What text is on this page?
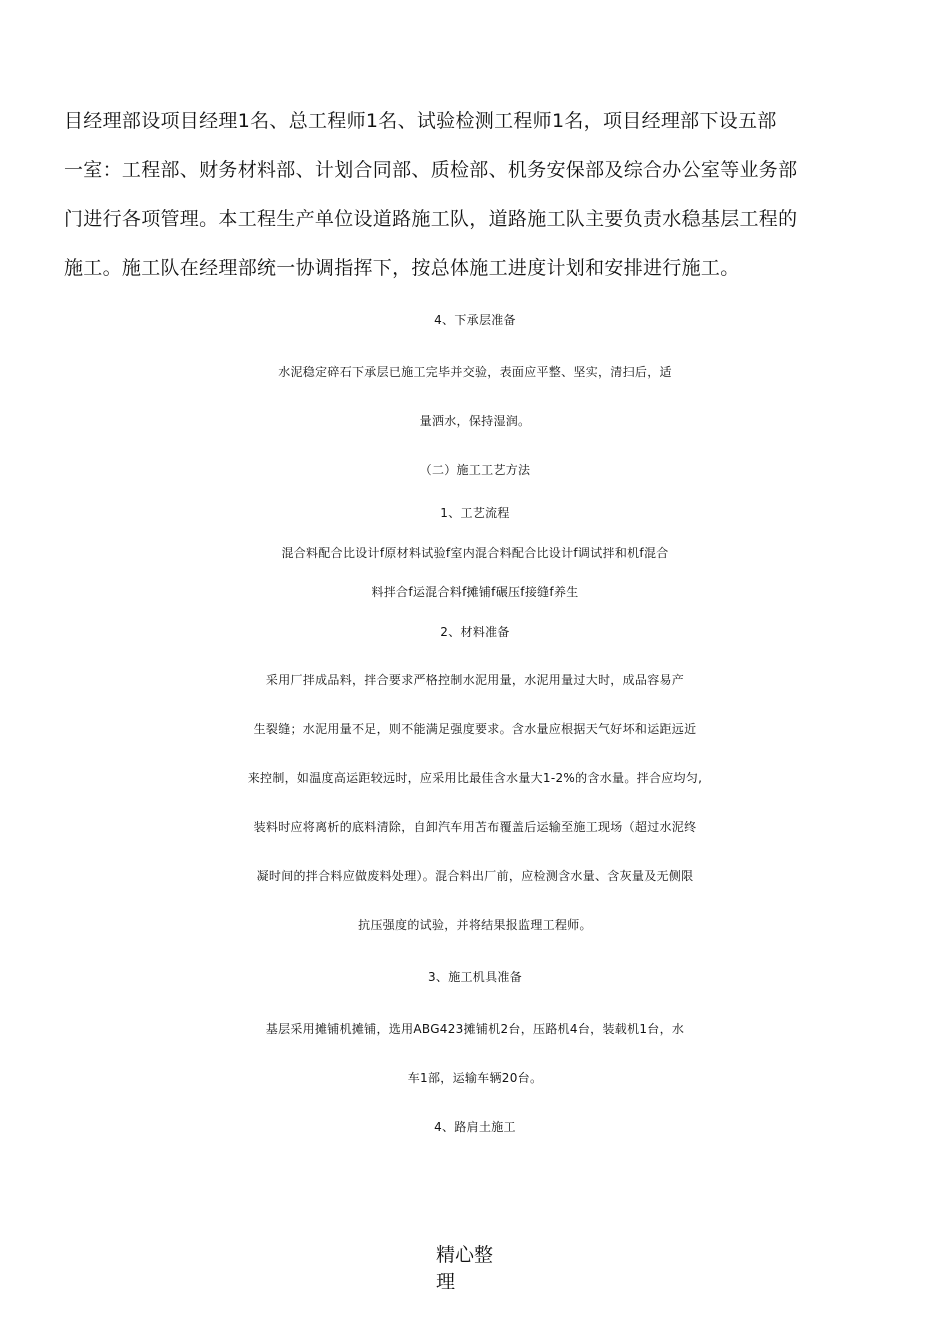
目经理部设项目经理1名、总工程师1名、试验检测工程师1名，项目经理部下设五部
一室：工程部、财务材料部、计划合同部、质检部、机务安保部及综合办公室等业务部
门进行各项管理。本工程生产单位设道路施工队，道路施工队主要负责水稳基层工程的
施工。施工队在经理部统一协调指挥下，按总体施工进度计划和安排进行施工。
4、下承层准备
水泥稳定碎石下承层已施工完毕并交验，表面应平整、坚实，清扫后，适
量洒水，保持湿润。
（二）施工工艺方法
1、工艺流程
混合料配合比设计f原材料试验f室内混合料配合比设计f调试拌和机f混合
料拌合f运混合料f摊铺f碾压f接缝f养生
2、材料准备
采用厂拌成品料，拌合要求严格控制水泥用量，水泥用量过大时，成品容易产
生裂缝；水泥用量不足，则不能满足强度要求。含水量应根据天气好坏和运距远近
来控制，如温度高运距较远时，应采用比最佳含水量大1-2%的含水量。拌合应均匀,
装料时应将离析的底料清除，自卸汽车用苫布覆盖后运输至施工现场（超过水泥终
凝时间的拌合料应做废料处理）。混合料出厂前，应检测含水量、含灰量及无侧限
抗压强度的试验，并将结果报监理工程师。
3、施工机具准备
基层采用摊铺机摊铺，选用ABG423摊铺机2台，压路机4台，装载机1台，水
车1部，运输车辆20台。
4、路肩土施工
精心整理
